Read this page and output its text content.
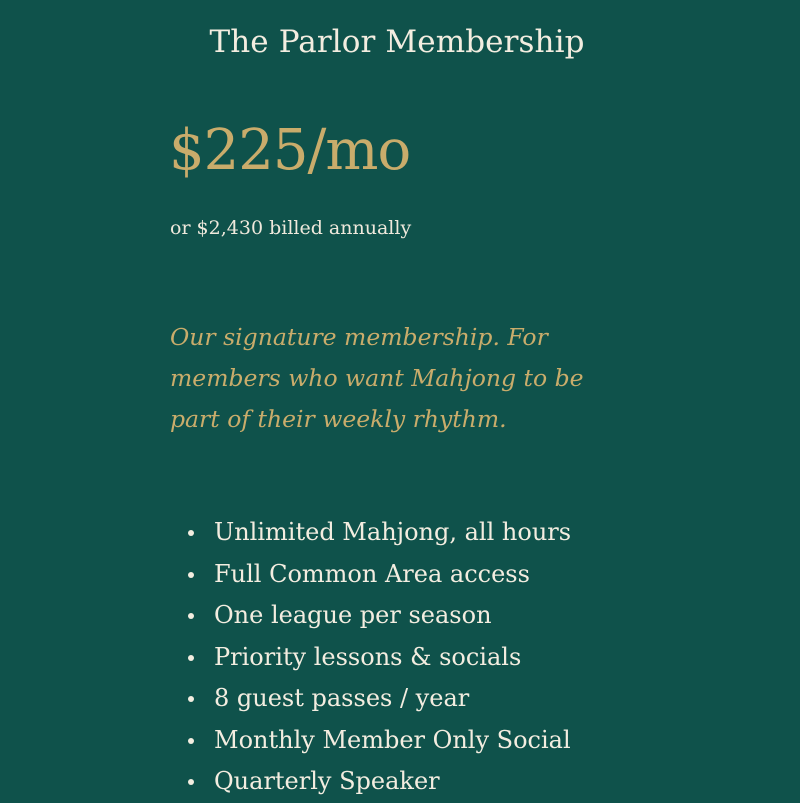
The Parlor Membership

$225/mo

or $2,430 billed annually

Our signature membership. For members who want Mahjong to be part of their weekly rhythm.

Unlimited Mahjong, all hours
Full Common Area access
One league per season
Priority lessons & socials
8 guest passes / year
Monthly Member Only Social
Quarterly Speaker
